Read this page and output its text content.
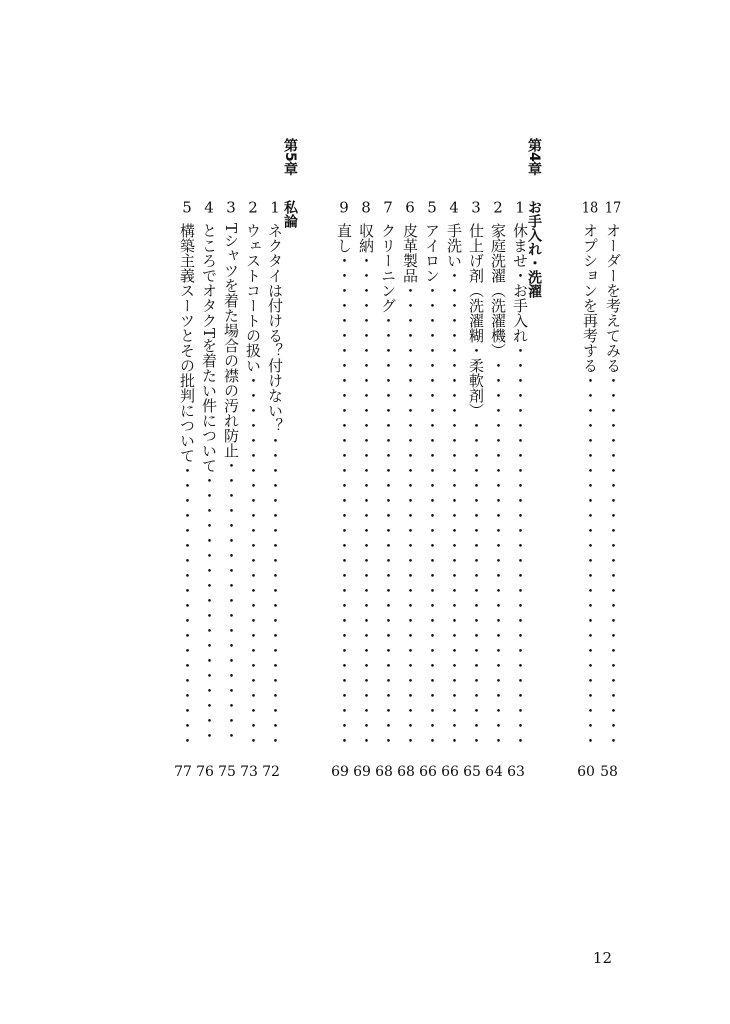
17オーダーを考えてみる・・・・・・・・・・・・・・・・・・・・・・・・・
58
18オプションを再考する・・・・・・・・・・・・・・・・・・・・・・・・・
60
第4章
お手入れ・洗濯
1休ませ・お手入れ・・・・・・・・・・・・・・・・・・・・・・・・・・・
63
2家庭洗濯（洗濯機）・・・・・・・・・・・・・・・・・・・・・・・・・・
64
3仕上げ剤（洗濯糊・柔軟剤）・・・・・・・・・・・・・・・・・・・・・・
65
4手洗い・・・・・・・・・・・・・・・・・・・・・・・・・・・・・・・・
66
5アイロン・・・・・・・・・・・・・・・・・・・・・・・・・・・・・・・
66
6皮革製品・・・・・・・・・・・・・・・・・・・・・・・・・・・・・・・
68
7クリーニング・・・・・・・・・・・・・・・・・・・・・・・・・・・・・
68
8収納・・・・・・・・・・・・・・・・・・・・・・・・・・・・・・・・・
69
9直し・・・・・・・・・・・・・・・・・・・・・・・・・・・・・・・・・
69
第5章
私論
1ネクタイは付ける？付けない？・・・・・・・・・・・・・・・・・・・・・
72
2ウェストコートの扱い・・・・・・・・・・・・・・・・・・・・・・・・・
73
3Tシャツを着た場合の襟の汚れ防止・・・・・・・・・・・・・・・・・・・
75
4ところでオタクTを着たい件について・・・・・・・・・・・・・・・・・・
76
5構築主義スーツとその批判について・・・・・・・・・・・・・・・・・・・
77
12
